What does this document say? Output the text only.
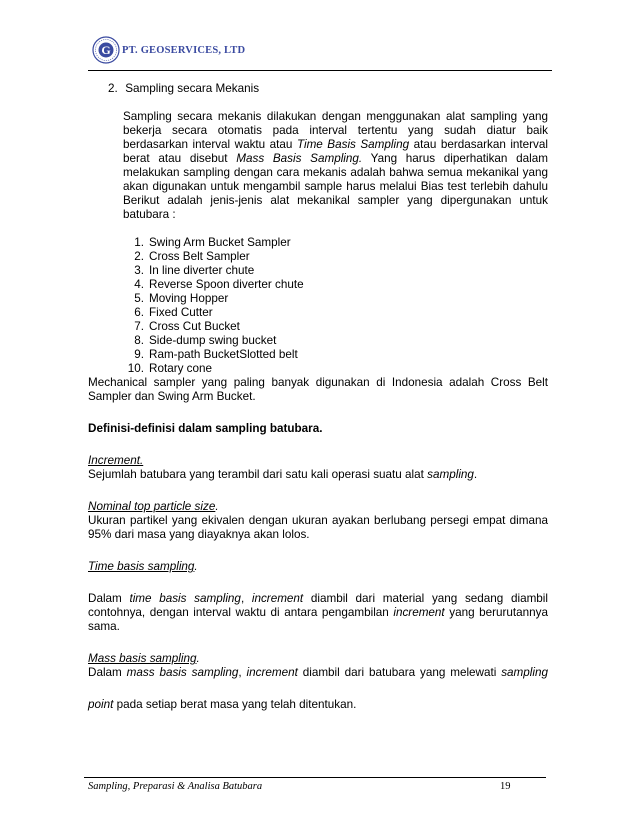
G PT. GEOSERVICES, LTD
2. Sampling secara Mekanis

Sampling secara mekanis dilakukan dengan menggunakan alat sampling yang bekerja secara otomatis pada interval tertentu yang sudah diatur baik berdasarkan interval waktu atau Time Basis Sampling atau berdasarkan interval berat atau disebut Mass Basis Sampling. Yang harus diperhatikan dalam melakukan sampling dengan cara mekanis adalah bahwa semua mekanikal yang akan digunakan untuk mengambil sample harus melalui Bias test terlebih dahulu Berikut adalah jenis-jenis alat mekanikal sampler yang dipergunakan untuk batubara :

1. Swing Arm Bucket Sampler
2. Cross Belt Sampler
3. In line diverter chute
4. Reverse Spoon diverter chute
5. Moving Hopper
6. Fixed Cutter
7. Cross Cut Bucket
8. Side-dump swing bucket
9. Ram-path BucketSlotted belt
10. Rotary cone

Mechanical sampler yang paling banyak digunakan di Indonesia adalah Cross Belt Sampler dan Swing Arm Bucket.

Definisi-definisi dalam sampling batubara.
Increment.
Sejumlah batubara yang terambil dari satu kali operasi suatu alat sampling.
Nominal top particle size.
Ukuran partikel yang ekivalen dengan ukuran ayakan berlubang persegi empat dimana 95% dari masa yang diayaknya akan lolos.
Time basis sampling.
Dalam time basis sampling, increment diambil dari material yang sedang diambil contohnya, dengan interval waktu di antara pengambilan increment yang berurutannya sama.
Mass basis sampling.
Dalam mass basis sampling, increment diambil dari batubara yang melewati sampling
point pada setiap berat masa yang telah ditentukan.
Sampling, Preparasi & Analisa Batubara	19
